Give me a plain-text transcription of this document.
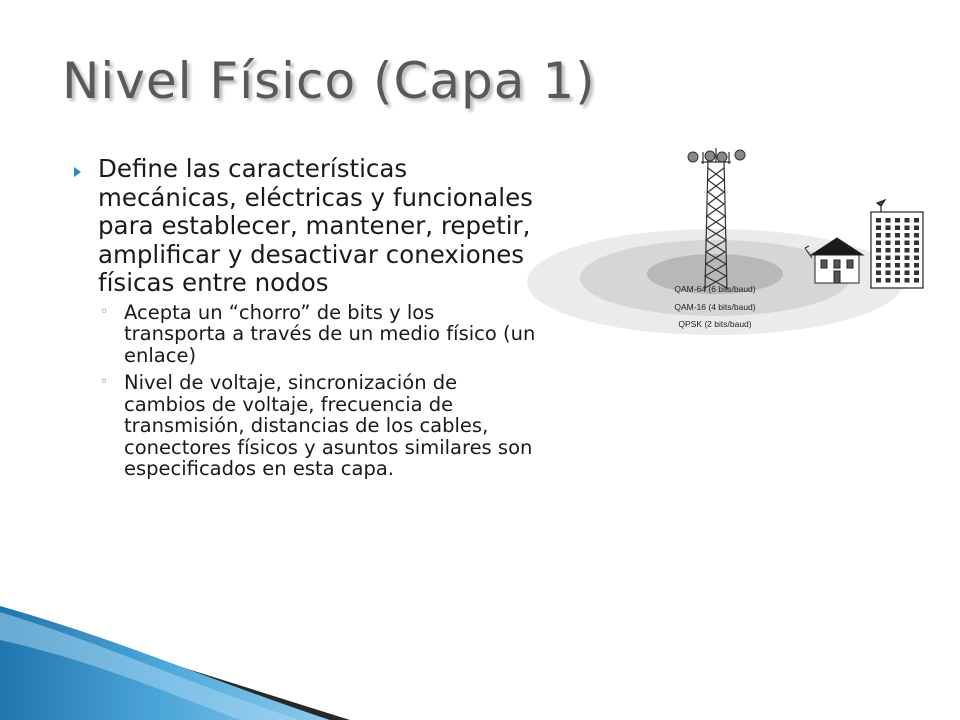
Nivel Físico (Capa 1)
Define las características mecánicas, eléctricas y funcionales para establecer, mantener, repetir, amplificar y desactivar conexiones físicas entre nodos
◦ Acepta un “chorro” de bits y los transporta a través de un medio físico (un enlace)
◦ Nivel de voltaje, sincronización de cambios de voltaje, frecuencia de transmisión, distancias de los cables, conectores físicos y asuntos similares son especificados en esta capa.
QAM-64 (6 bits/baud)
QAM-16 (4 bits/baud)
QPSK (2 bits/baud)
